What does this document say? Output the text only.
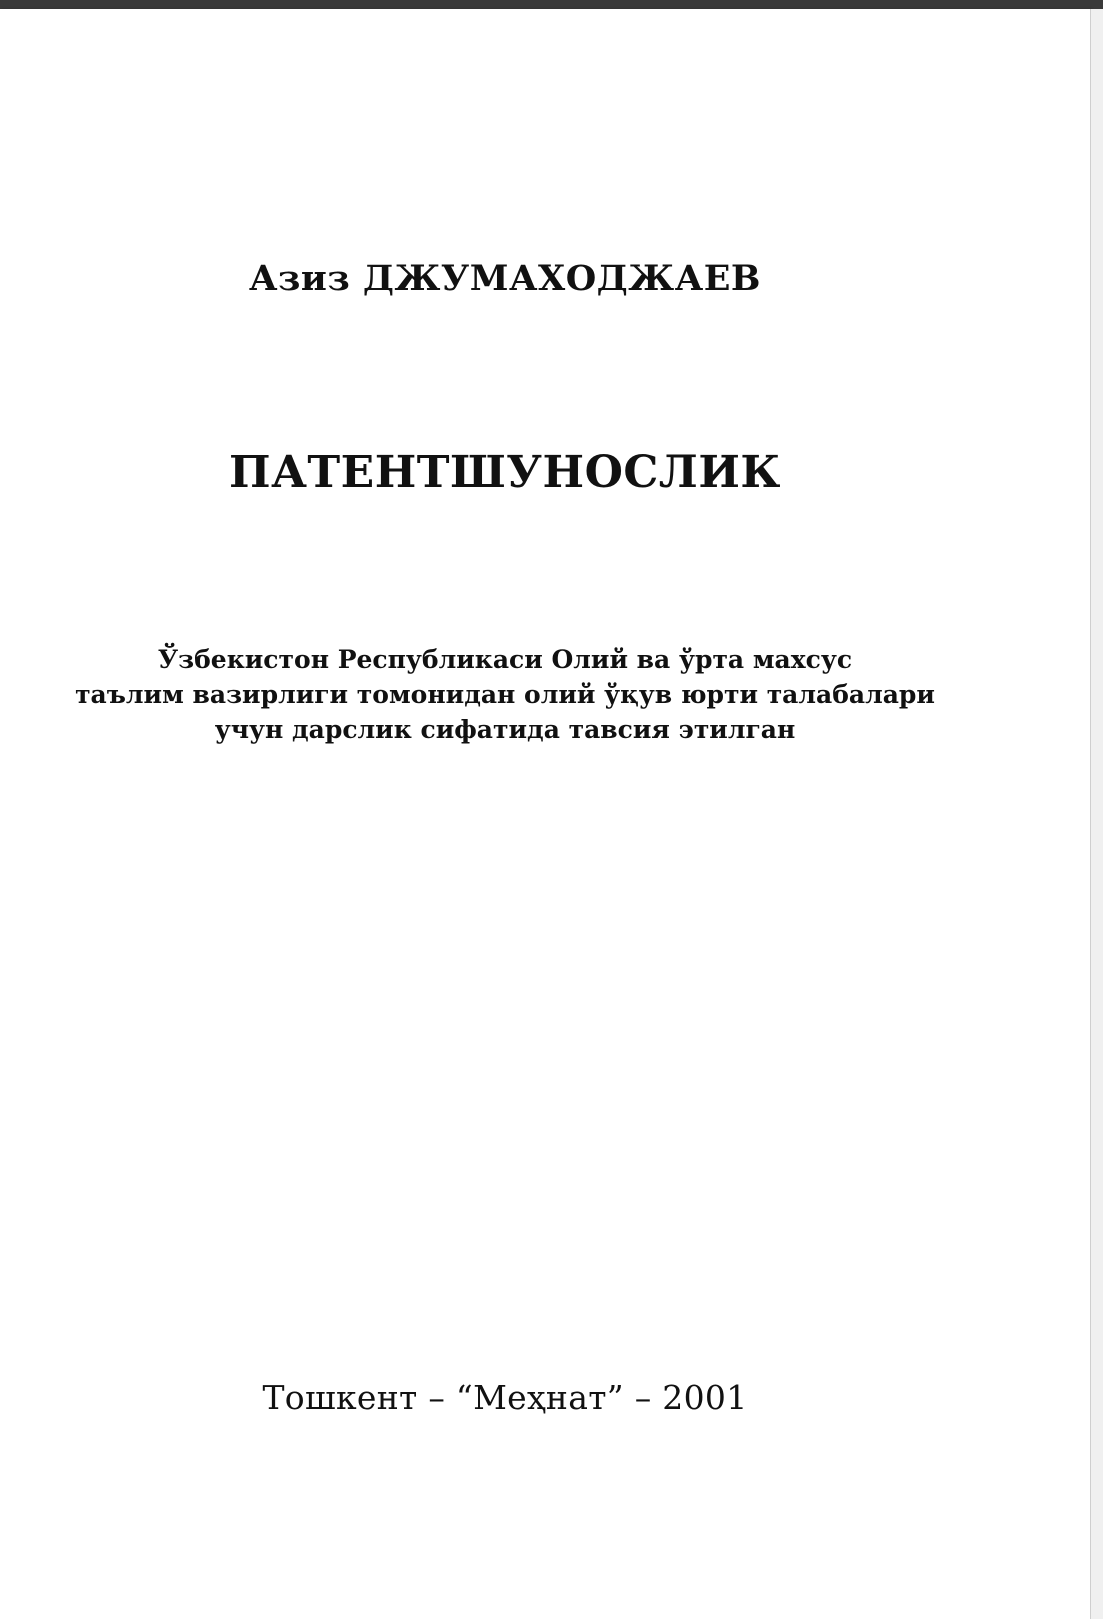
Азиз ДЖУМАХОДЖАЕВ
ПАТЕНТШУНОСЛИК
Ўзбекистон Республикаси Олий ва ўрта махсус
таълим вазирлиги томонидан олий ўқув юрти талабалари
учун дарслик сифатида тавсия этилган
Тошкент – “Меҳнат” – 2001
